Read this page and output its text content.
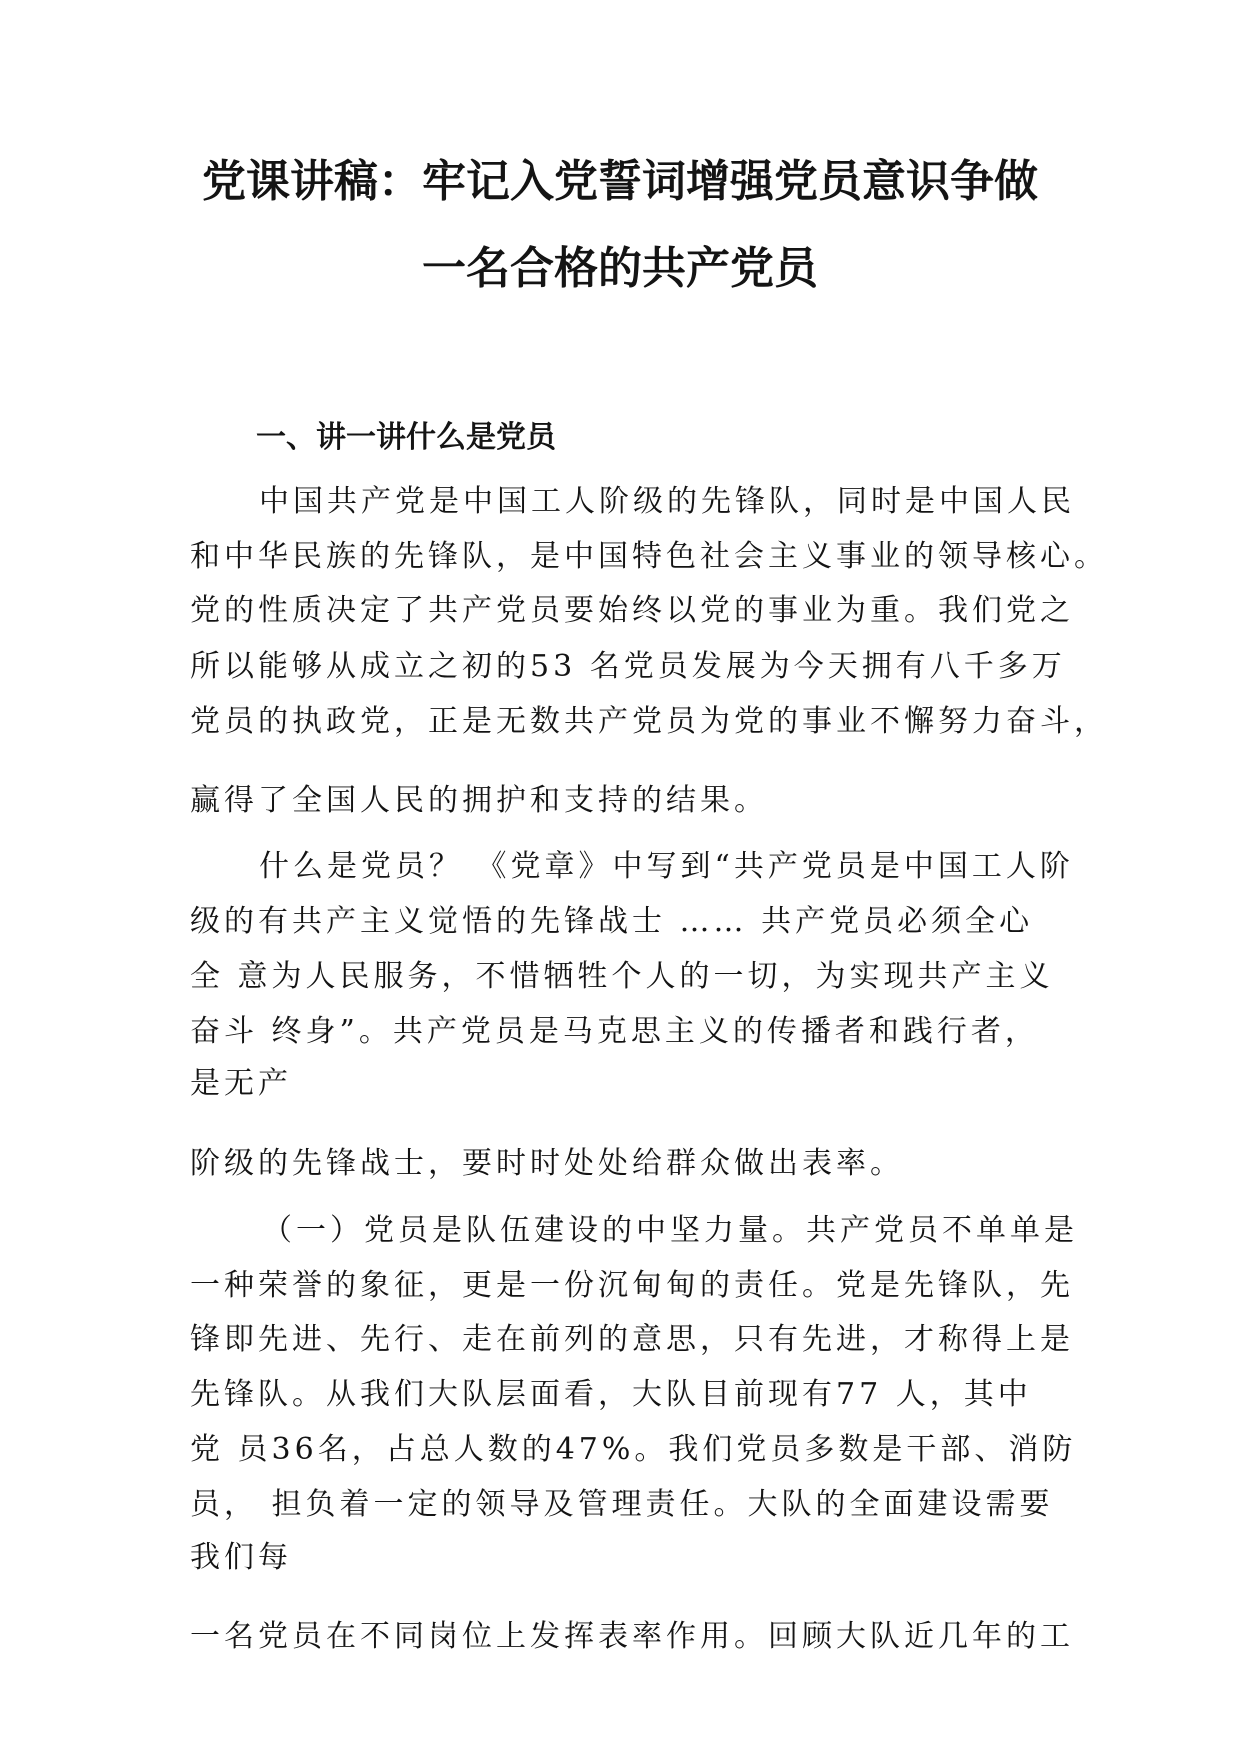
党课讲稿：牢记入党誓词增强党员意识争做
一名合格的共产党员
一、讲一讲什么是党员

中国共产党是中国工人阶级的先锋队，同时是中国人民

和中华民族的先锋队，是中国特色社会主义事业的领导核心。

党的性质决定了共产党员要始终以党的事业为重。我们党之

所以能够从成立之初的53 名党员发展为今天拥有八千多万

党员的执政党，正是无数共产党员为党的事业不懈努力奋斗，

赢得了全国人民的拥护和支持的结果。

什么是党员？ 《党章》中写到“共产党员是中国工人阶

级的有共产主义觉悟的先锋战士 …… 共产党员必须全心

全 意为人民服务，不惜牺牲个人的一切，为实现共产主义

奋斗 终身”。共产党员是马克思主义的传播者和践行者，

是无产

阶级的先锋战士，要时时处处给群众做出表率。

（一）党员是队伍建设的中坚力量。共产党员不单单是

一种荣誉的象征，更是一份沉甸甸的责任。党是先锋队，先

锋即先进、先行、走在前列的意思，只有先进，才称得上是

先锋队。从我们大队层面看，大队目前现有77 人，其中

党 员36名，占总人数的47%。我们党员多数是干部、消防

员， 担负着一定的领导及管理责任。大队的全面建设需要

我们每

一名党员在不同岗位上发挥表率作用。回顾大队近几年的工
